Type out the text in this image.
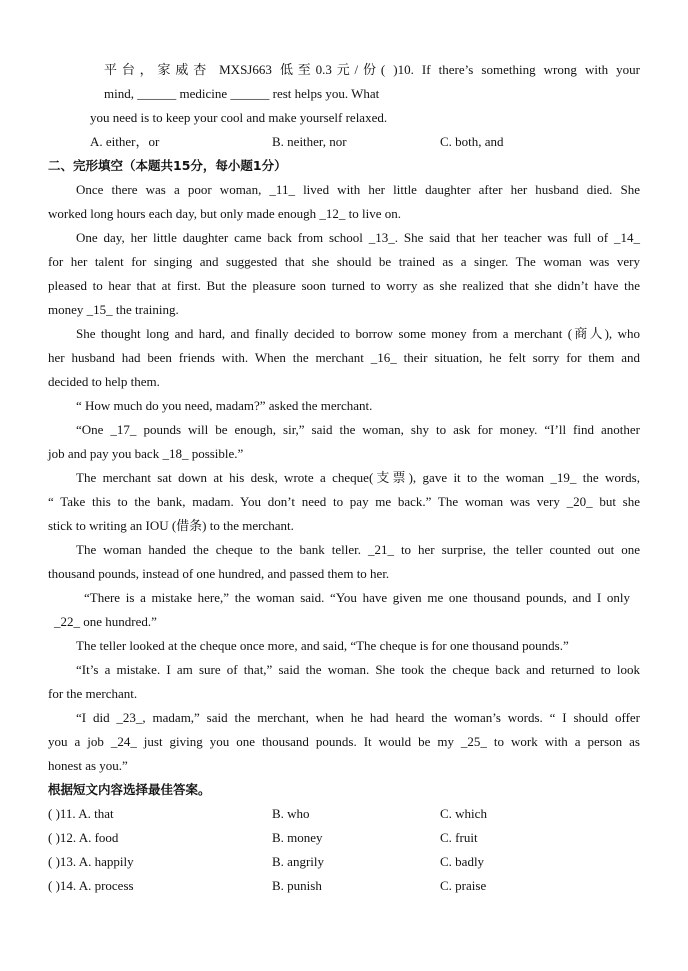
平台，家威杏 MXSJ663 低至0.3元/份( )10. If there’s something wrong with your
mind, ______ medicine ______ rest helps you. What
you need is to keep your cool and make yourself relaxed.
A. either，or	B. neither, nor	C. both, and
二、完形填空（本题共15分，每小题1分）
Once there was a poor woman, _11_ lived with her little daughter after her husband died. She
worked long hours each day, but only made enough _12_ to live on.
One day, her little daughter came back from school _13_. She said that her teacher was full of _14_
for her talent for singing and suggested that she should be trained as a singer. The woman was very
pleased to hear that at first. But the pleasure soon turned to worry as she realized that she didn’t have the
money _15_ the training.
She thought long and hard, and finally decided to borrow some money from a merchant (商人), who
her husband had been friends with. When the merchant _16_ their situation, he felt sorry for them and
decided to help them.
“ How much do you need, madam?” asked the merchant.
“One _17_ pounds will be enough, sir,” said the woman, shy to ask for money. “I’ll find another
job and pay you back _18_ possible.”
The merchant sat down at his desk, wrote a cheque(支票), gave it to the woman _19_ the words,
“ Take this to the bank, madam. You don’t need to pay me back.” The woman was very _20_ but she
stick to writing an IOU (借条) to the merchant.
The woman handed the cheque to the bank teller. _21_ to her surprise, the teller counted out one
thousand pounds, instead of one hundred, and passed them to her.
“There is a mistake here,” the woman said. “You have given me one thousand pounds, and I only
_22_ one hundred.”
The teller looked at the cheque once more, and said, “The cheque is for one thousand pounds.”
“It’s a mistake. I am sure of that,” said the woman. She took the cheque back and returned to look
for the merchant.
“I did _23_, madam,” said the merchant, when he had heard the woman’s words. “ I should offer
you a job _24_ just giving you one thousand pounds. It would be my _25_ to work with a person as
honest as you.”
根据短文内容选择最佳答案。
( )11. A. that	B. who	C. which
( )12. A. food	B. money	C. fruit
( )13. A. happily	B. angrily	C. badly
( )14. A. process	B. punish	C. praise
